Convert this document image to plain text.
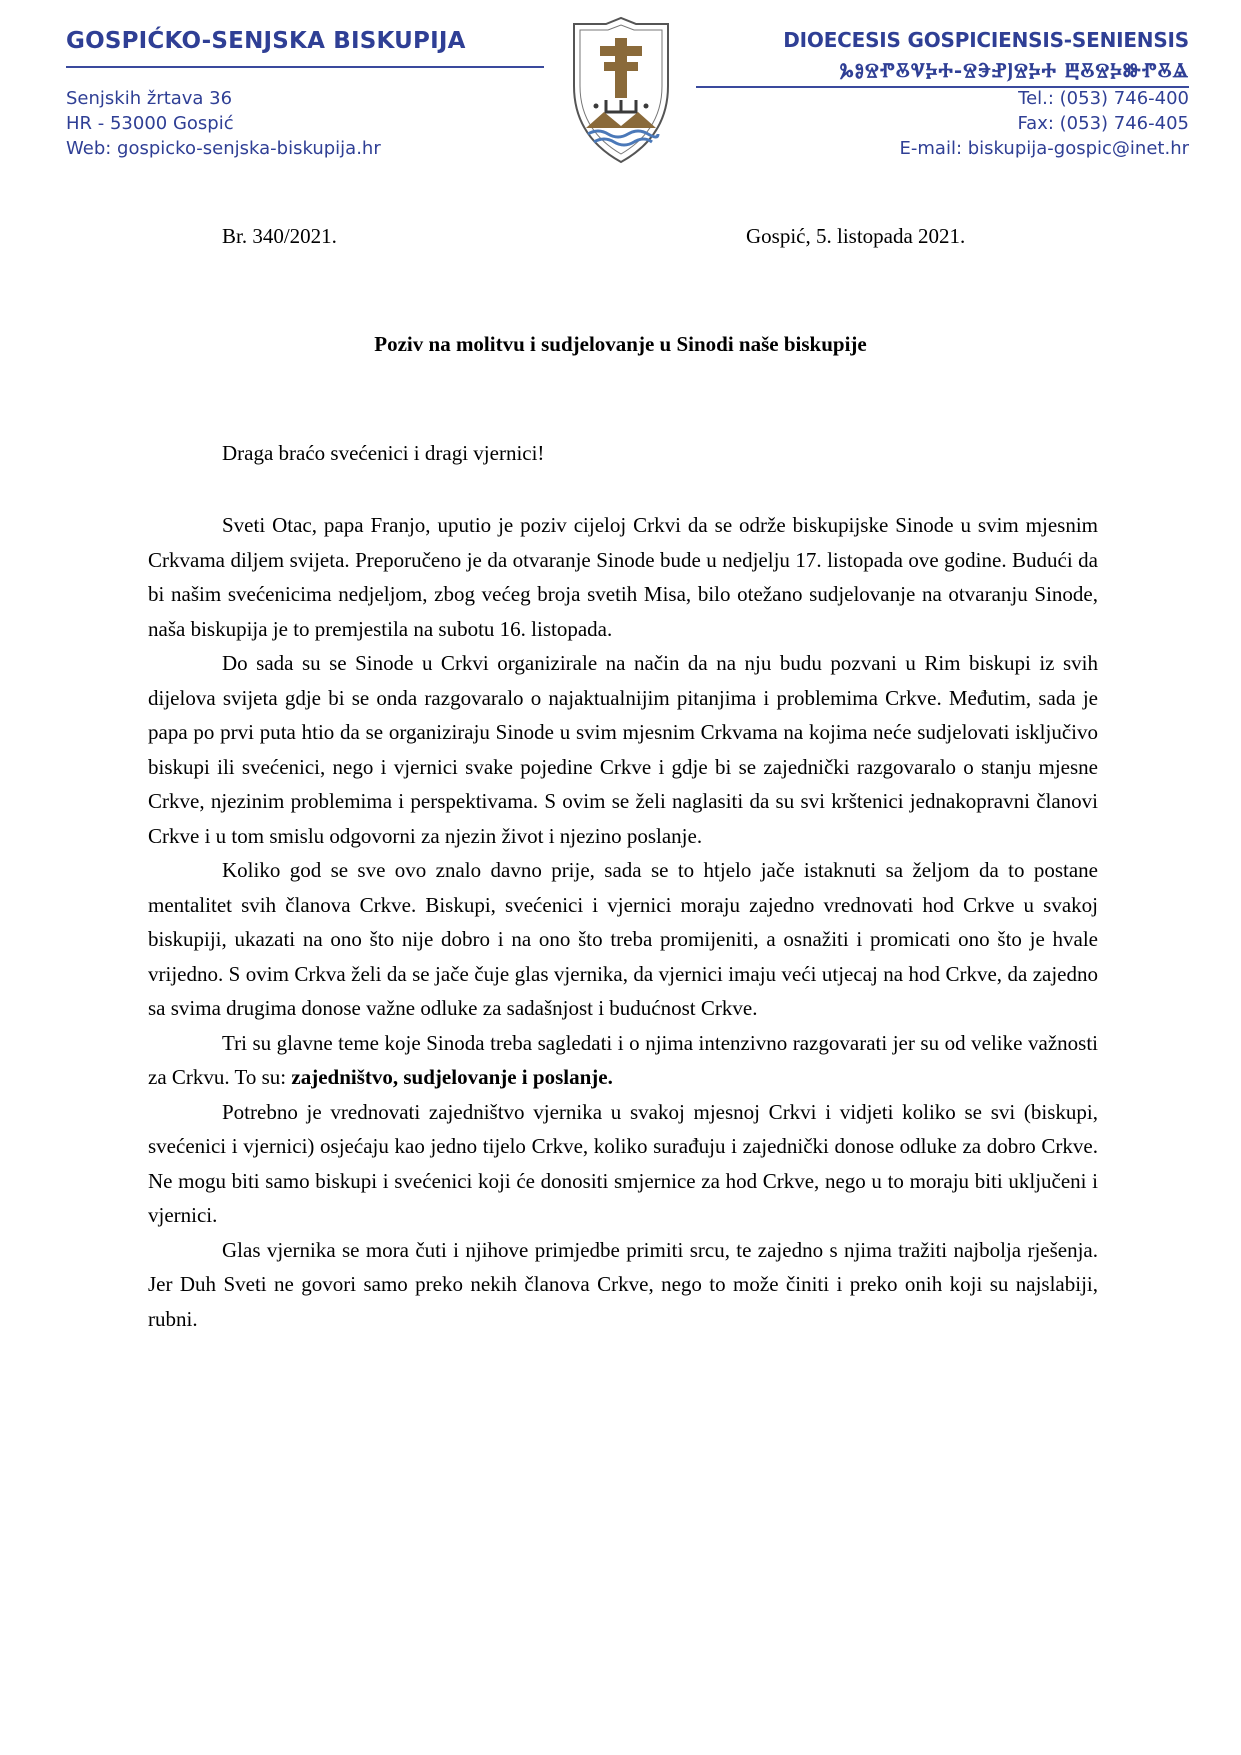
GOSPIĆKO-SENJSKA BISKUPIJA
Senjskih žrtava 36
HR - 53000 Gospić
Web: gospicko-senjska-biskupija.hr
DIOECESIS GOSPICIENSIS-SENIENSIS
ⰃⰑⰔⰒⰋⰜⰍⰀ-ⰔⰅⰐⰬⰔⰍⰀ ⰁⰋⰔⰍⰖⰒⰋⰡ
Tel.: (053) 746-400
Fax: (053) 746-405
E-mail: biskupija-gospic@inet.hr
Br. 340/2021.	Gospić, 5. listopada 2021.
Poziv na molitvu i sudjelovanje u Sinodi naše biskupije
Draga braćo svećenici i dragi vjernici!

Sveti Otac, papa Franjo, uputio je poziv cijeloj Crkvi da se održe biskupijske Sinode u svim mjesnim Crkvama diljem svijeta. Preporučeno je da otvaranje Sinode bude u nedjelju 17. listopada ove godine. Budući da bi našim svećenicima nedjeljom, zbog većeg broja svetih Misa, bilo otežano sudjelovanje na otvaranju Sinode, naša biskupija je to premjestila na subotu 16. listopada.

Do sada su se Sinode u Crkvi organizirale na način da na nju budu pozvani u Rim biskupi iz svih dijelova svijeta gdje bi se onda razgovaralo o najaktualnijim pitanjima i problemima Crkve. Međutim, sada je papa po prvi puta htio da se organiziraju Sinode u svim mjesnim Crkvama na kojima neće sudjelovati isključivo biskupi ili svećenici, nego i vjernici svake pojedine Crkve i gdje bi se zajednički razgovaralo o stanju mjesne Crkve, njezinim problemima i perspektivama. S ovim se želi naglasiti da su svi krštenici jednakopravni članovi Crkve i u tom smislu odgovorni za njezin život i njezino poslanje.

Koliko god se sve ovo znalo davno prije, sada se to htjelo jače istaknuti sa željom da to postane mentalitet svih članova Crkve. Biskupi, svećenici i vjernici moraju zajedno vrednovati hod Crkve u svakoj biskupiji, ukazati na ono što nije dobro i na ono što treba promijeniti, a osnažiti i promicati ono što je hvale vrijedno. S ovim Crkva želi da se jače čuje glas vjernika, da vjernici imaju veći utjecaj na hod Crkve, da zajedno sa svima drugima donose važne odluke za sadašnjost i budućnost Crkve.

Tri su glavne teme koje Sinoda treba sagledati i o njima intenzivno razgovarati jer su od velike važnosti za Crkvu. To su: zajedništvo, sudjelovanje i poslanje.

Potrebno je vrednovati zajedništvo vjernika u svakoj mjesnoj Crkvi i vidjeti koliko se svi (biskupi, svećenici i vjernici) osjećaju kao jedno tijelo Crkve, koliko surađuju i zajednički donose odluke za dobro Crkve. Ne mogu biti samo biskupi i svećenici koji će donositi smjernice za hod Crkve, nego u to moraju biti uključeni i vjernici.

Glas vjernika se mora čuti i njihove primjedbe primiti srcu, te zajedno s njima tražiti najbolja rješenja. Jer Duh Sveti ne govori samo preko nekih članova Crkve, nego to može činiti i preko onih koji su najslabiji, rubni.
